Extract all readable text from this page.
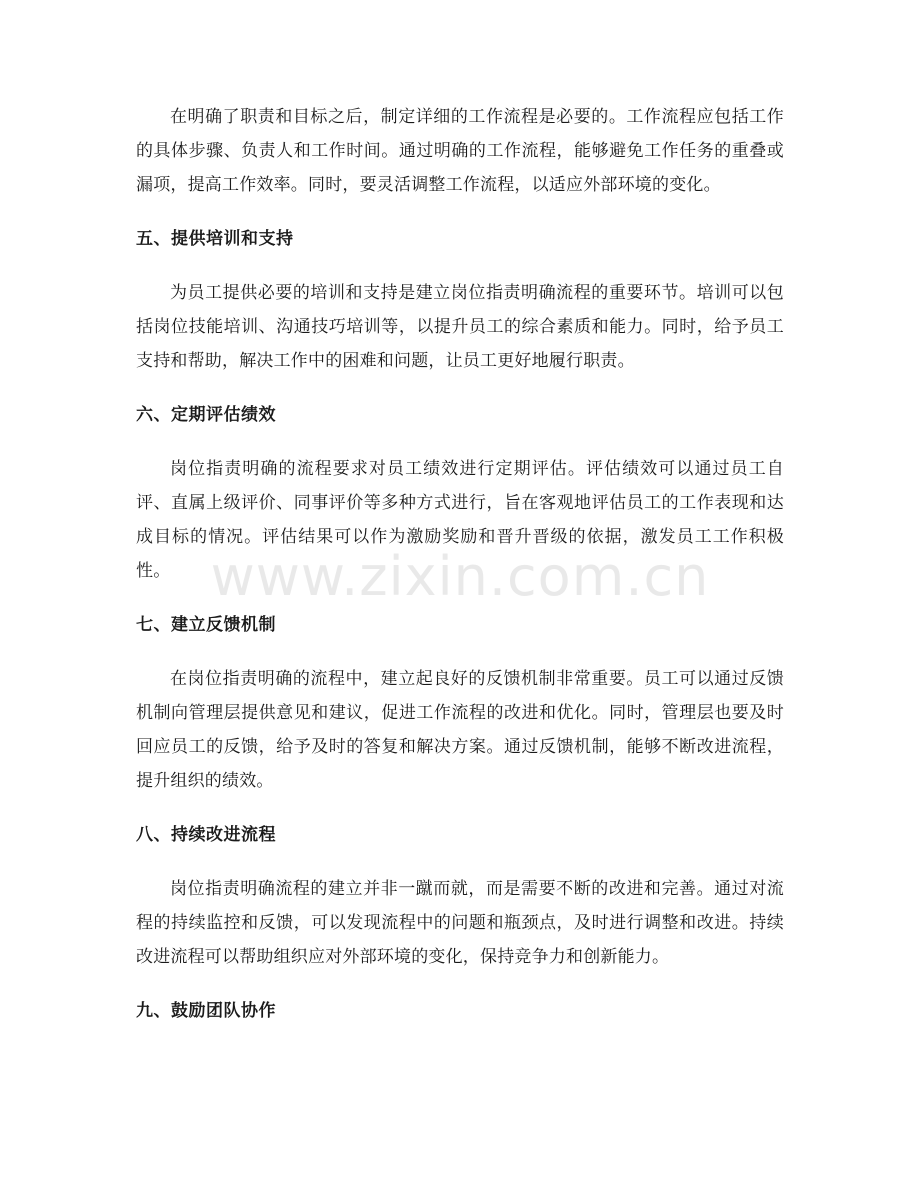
在明确了职责和目标之后，制定详细的工作流程是必要的。工作流程应包括工作的具体步骤、负责人和工作时间。通过明确的工作流程，能够避免工作任务的重叠或漏项，提高工作效率。同时，要灵活调整工作流程，以适应外部环境的变化。

五、提供培训和支持

为员工提供必要的培训和支持是建立岗位指责明确流程的重要环节。培训可以包括岗位技能培训、沟通技巧培训等，以提升员工的综合素质和能力。同时，给予员工支持和帮助，解决工作中的困难和问题，让员工更好地履行职责。

六、定期评估绩效

岗位指责明确的流程要求对员工绩效进行定期评估。评估绩效可以通过员工自评、直属上级评价、同事评价等多种方式进行，旨在客观地评估员工的工作表现和达成目标的情况。评估结果可以作为激励奖励和晋升晋级的依据，激发员工工作积极性。

七、建立反馈机制

在岗位指责明确的流程中，建立起良好的反馈机制非常重要。员工可以通过反馈机制向管理层提供意见和建议，促进工作流程的改进和优化。同时，管理层也要及时回应员工的反馈，给予及时的答复和解决方案。通过反馈机制，能够不断改进流程，提升组织的绩效。

八、持续改进流程

岗位指责明确流程的建立并非一蹴而就，而是需要不断的改进和完善。通过对流程的持续监控和反馈，可以发现流程中的问题和瓶颈点，及时进行调整和改进。持续改进流程可以帮助组织应对外部环境的变化，保持竞争力和创新能力。

九、鼓励团队协作
www.zixin.com.cn
